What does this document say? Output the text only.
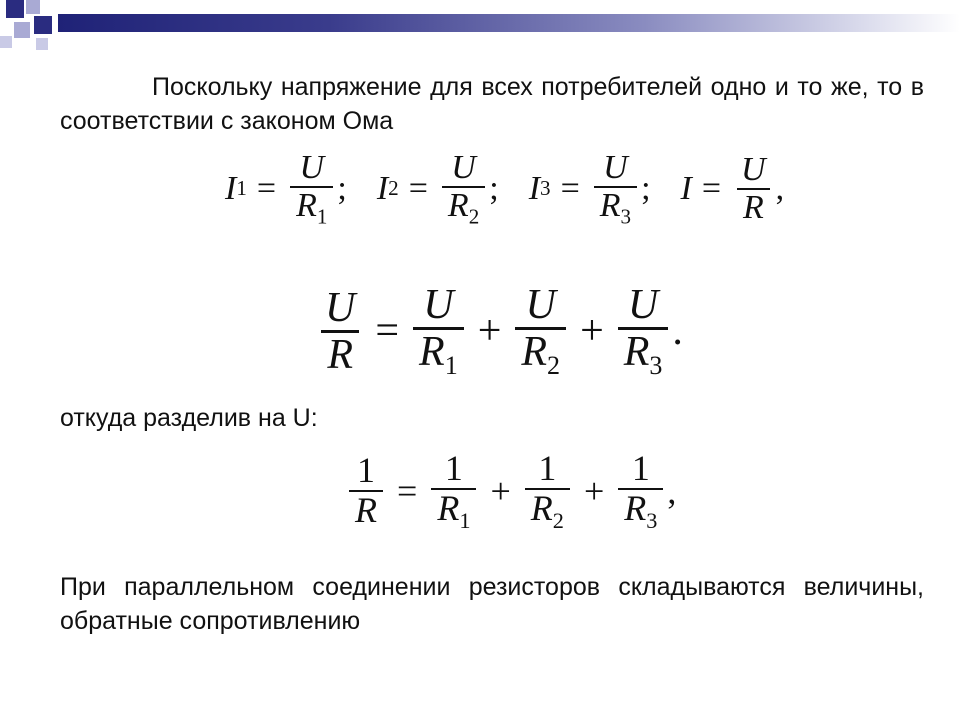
Поскольку напряжение для всех потребителей одно и то же, то в соответствии с законом Ома

I $1 = \frac{U}{R_1}$ ; I $2 = \frac{U}{R_2}$ ; I $3 = \frac{U}{R_3}$ ; $I = \frac{U}{R}$ ,
$\frac{U}{R} = \frac{U}{R_1} + \frac{U}{R_2} + \frac{U}{R_3}$ .

откуда разделив на U:

$\frac{1}{R} = \frac{1}{R_1} + \frac{1}{R_2} + \frac{1}{R_3}$ ,

При параллельном соединении резисторов складываются величины, обратные сопротивлению
